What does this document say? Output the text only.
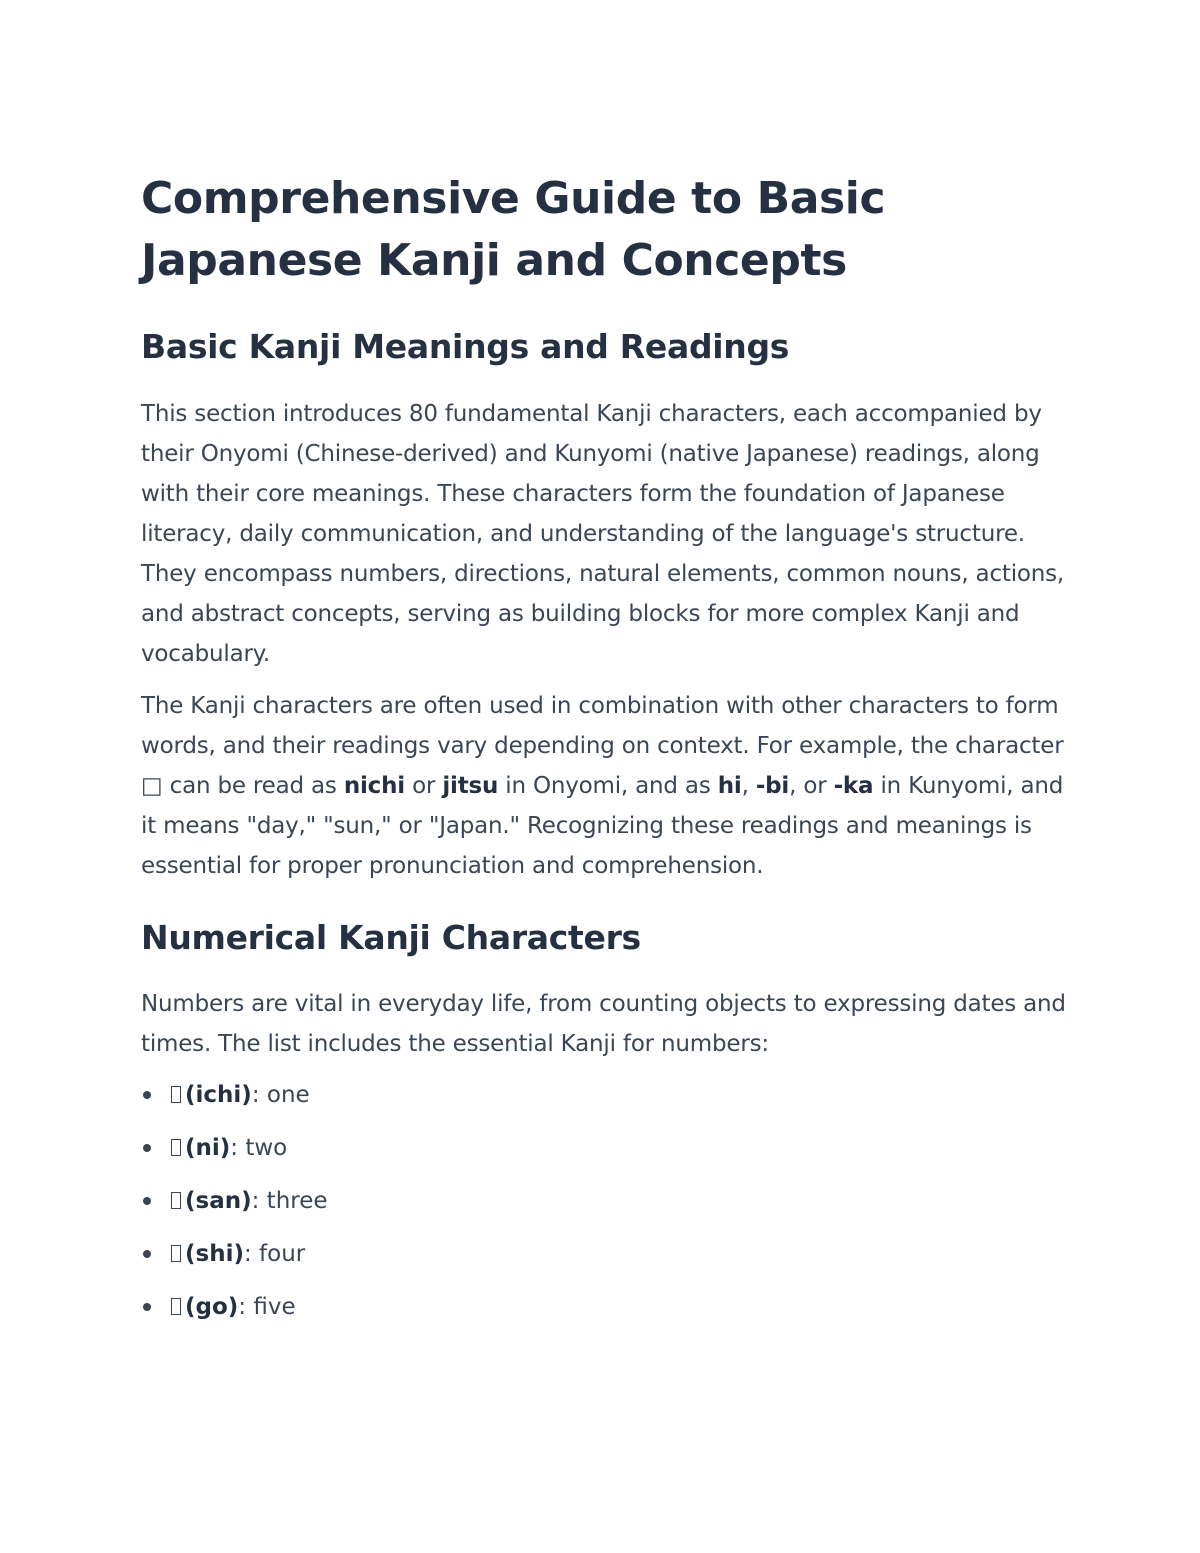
Comprehensive Guide to Basic Japanese Kanji and Concepts
Basic Kanji Meanings and Readings

This section introduces 80 fundamental Kanji characters, each accompanied by their Onyomi (Chinese-derived) and Kunyomi (native Japanese) readings, along with their core meanings. These characters form the foundation of Japanese literacy, daily communication, and understanding of the language's structure. They encompass numbers, directions, natural elements, common nouns, actions, and abstract concepts, serving as building blocks for more complex Kanji and vocabulary.

The Kanji characters are often used in combination with other characters to form words, and their readings vary depending on context. For example, the character □ can be read as nichi or jitsu in Onyomi, and as hi, -bi, or -ka in Kunyomi, and it means "day," "sun," or "Japan." Recognizing these readings and meanings is essential for proper pronunciation and comprehension.

Numerical Kanji Characters

Numbers are vital in everyday life, from counting objects to expressing dates and times. The list includes the essential Kanji for numbers:

(ichi): one
(ni): two
(san): three
(shi): four
(go): five
